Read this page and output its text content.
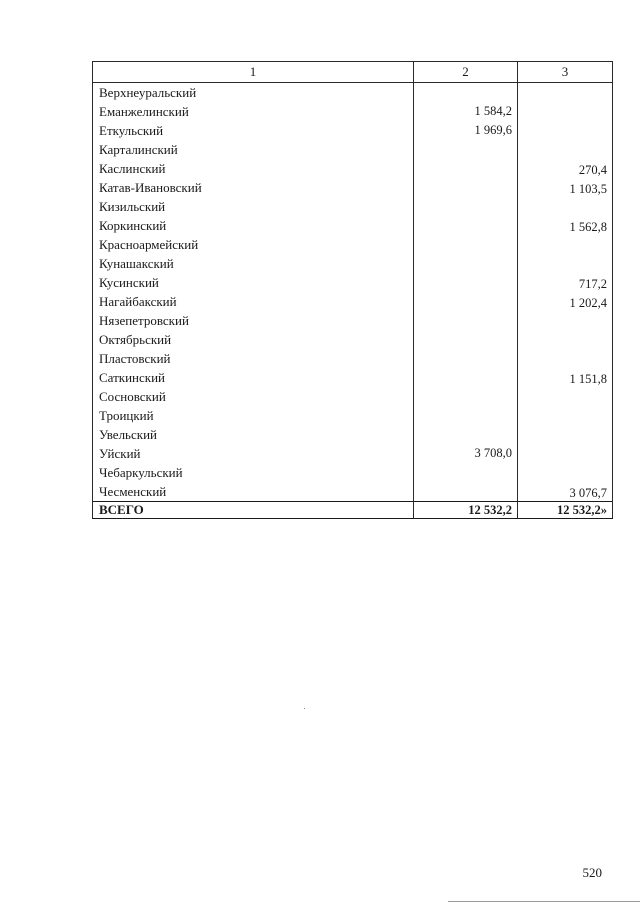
1	2	3
Верхнеуральский		
Еманжелинский	1 584,2	
Еткульский	1 969,6	
Карталинский		
Каслинский		270,4
Катав-Ивановский		1 103,5
Кизильский		
Коркинский		1 562,8
Красноармейский		
Кунашакский		
Кусинский		717,2
Нагайбакский		1 202,4
Нязепетровский		
Октябрьский		
Пластовский		
Саткинский		1 151,8
Сосновский		
Троицкий		
Увельский		
Уйский	3 708,0	
Чебаркульский		
Чесменский		3 076,7
ВСЕГО	12 532,2	12 532,2»
520
